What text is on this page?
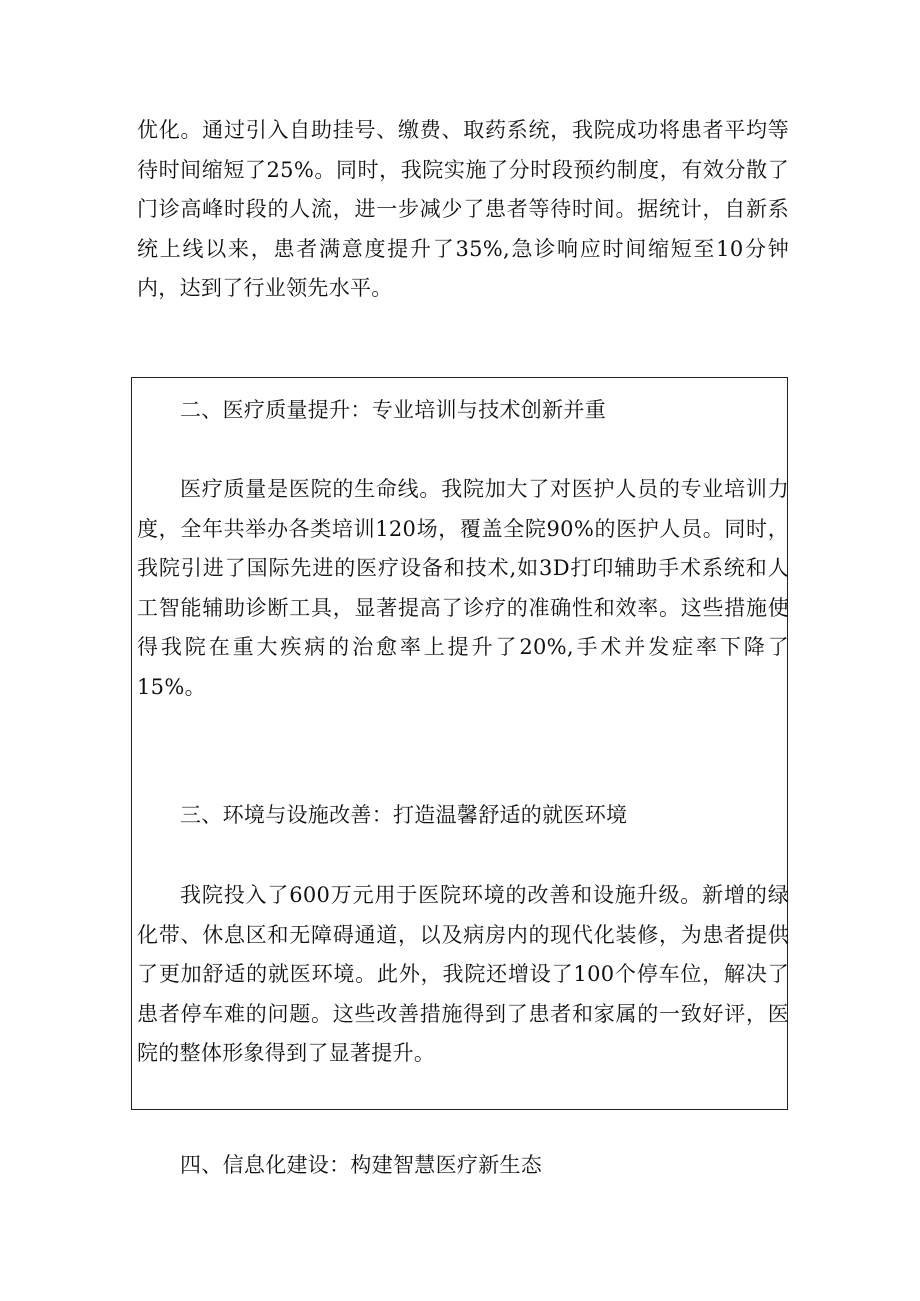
优化。通过引入自助挂号、缴费、取药系统，我院成功将患者平均等待时间缩短了25%。同时，我院实施了分时段预约制度，有效分散了门诊高峰时段的人流，进一步减少了患者等待时间。据统计，自新系统上线以来，患者满意度提升了35%,急诊响应时间缩短至10分钟内，达到了行业领先水平。

二、医疗质量提升：专业培训与技术创新并重

医疗质量是医院的生命线。我院加大了对医护人员的专业培训力度，全年共举办各类培训120场，覆盖全院90%的医护人员。同时，我院引进了国际先进的医疗设备和技术,如3D打印辅助手术系统和人工智能辅助诊断工具，显著提高了诊疗的准确性和效率。这些措施使得我院在重大疾病的治愈率上提升了20%,手术并发症率下降了15%。

三、环境与设施改善：打造温馨舒适的就医环境

我院投入了600万元用于医院环境的改善和设施升级。新增的绿化带、休息区和无障碍通道，以及病房内的现代化装修，为患者提供了更加舒适的就医环境。此外，我院还增设了100个停车位，解决了患者停车难的问题。这些改善措施得到了患者和家属的一致好评，医院的整体形象得到了显著提升。

四、信息化建设：构建智慧医疗新生态
